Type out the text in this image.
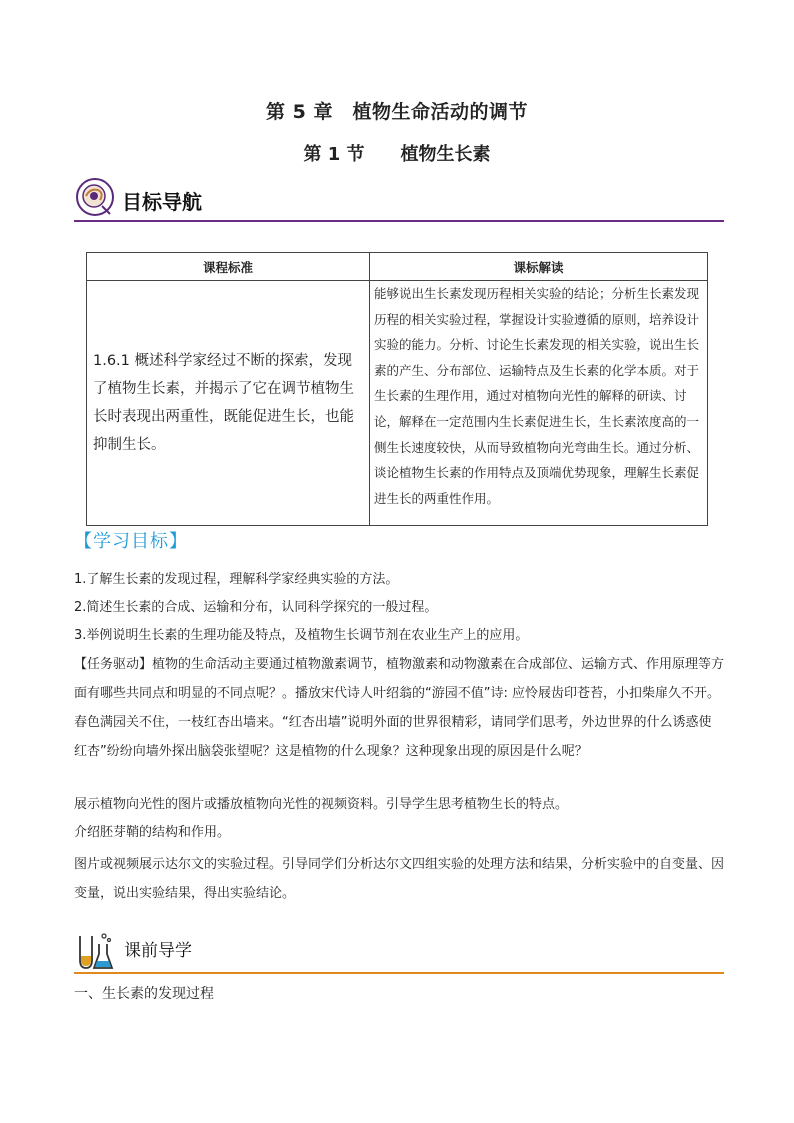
第 5 章　植物生命活动的调节
第 1 节　　植物生长素
目标导航
课程标准	课标解读
1.6.1 概述科学家经过不断的探索，发现了植物生长素，并揭示了它在调节植物生长时表现出两重性，既能促进生长，也能抑制生长。	能够说出生长素发现历程相关实验的结论；分析生长素发现历程的相关实验过程，掌握设计实验遵循的原则，培养设计实验的能力。分析、讨论生长素发现的相关实验，说出生长素的产生、分布部位、运输特点及生长素的化学本质。对于生长素的生理作用，通过对植物向光性的解释的研读、讨论，解释在一定范围内生长素促进生长，生长素浓度高的一侧生长速度较快，从而导致植物向光弯曲生长。通过分析、谈论植物生长素的作用特点及顶端优势现象，理解生长素促进生长的两重性作用。
【学习目标】
1.了解生长素的发现过程，理解科学家经典实验的方法。
2.简述生长素的合成、运输和分布，认同科学探究的一般过程。
3.举例说明生长素的生理功能及特点，及植物生长调节剂在农业生产上的应用。
【任务驱动】植物的生命活动主要通过植物激素调节，植物激素和动物激素在合成部位、运输方式、作用原理等方面有哪些共同点和明显的不同点呢？。播放宋代诗人叶绍翁的“游园不值”诗: 应怜屐齿印苍苔，小扣柴扉久不开。春色满园关不住，一枝红杏出墙来。“红杏出墙”说明外面的世界很精彩，请同学们思考，外边世界的什么诱惑使红杏”纷纷向墙外探出脑袋张望呢？这是植物的什么现象？这种现象出现的原因是什么呢？
展示植物向光性的图片或播放植物向光性的视频资料。引导学生思考植物生长的特点。
介绍胚芽鞘的结构和作用。
图片或视频展示达尔文的实验过程。引导同学们分析达尔文四组实验的处理方法和结果，分析实验中的自变量、因变量，说出实验结果，得出实验结论。
课前导学
一、生长素的发现过程
